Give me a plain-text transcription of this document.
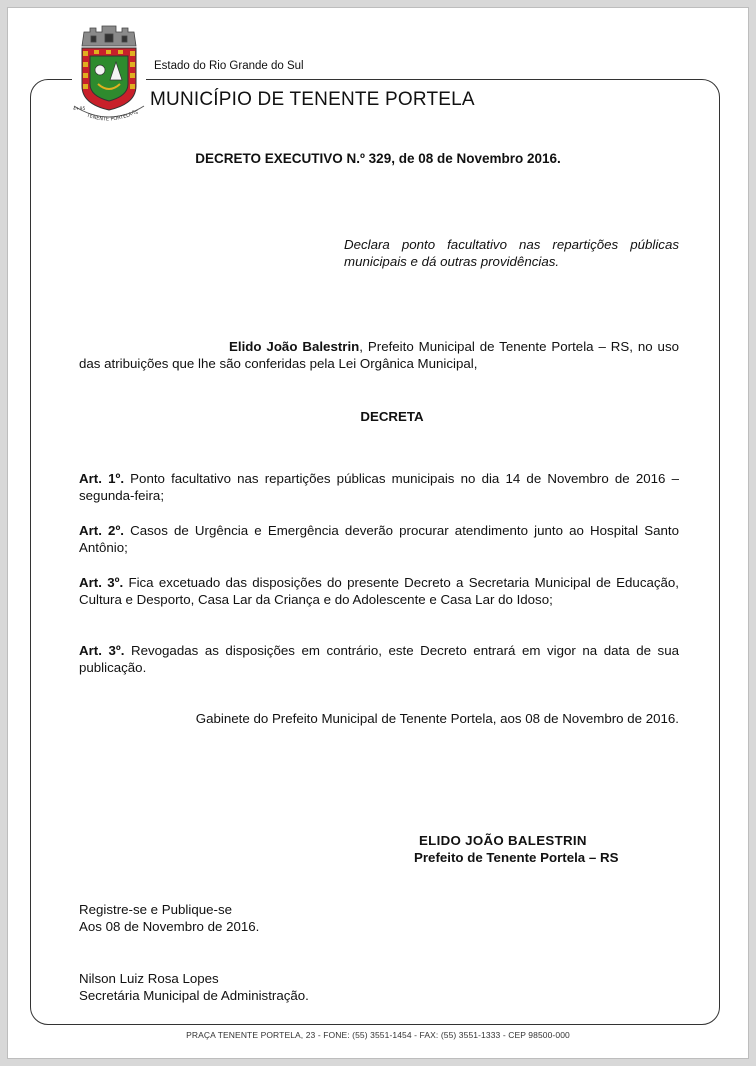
TENENTE PORTELA
RS
4+95
Estado do Rio Grande do Sul
MUNICÍPIO DE TENENTE PORTELA
DECRETO EXECUTIVO N.º 329, de 08 de Novembro 2016.
Declara ponto facultativo nas repartições públicas municipais e dá outras providências.
Elido João Balestrin, Prefeito Municipal de Tenente Portela – RS, no uso das atribuições que lhe são conferidas pela Lei Orgânica Municipal,
DECRETA
Art. 1º. Ponto facultativo nas repartições públicas municipais no dia 14 de Novembro de 2016 – segunda-feira;
Art. 2º. Casos de Urgência e Emergência deverão procurar atendimento junto ao Hospital Santo Antônio;
Art. 3º. Fica excetuado das disposições do presente Decreto a Secretaria Municipal de Educação, Cultura e Desporto, Casa Lar da Criança e do Adolescente e Casa Lar do Idoso;
Art. 3º. Revogadas as disposições em contrário, este Decreto entrará em vigor na data de sua publicação.
Gabinete do Prefeito Municipal de Tenente Portela, aos 08 de Novembro de 2016.
ELIDO JOÃO BALESTRIN
Prefeito de Tenente Portela – RS
Registre-se e Publique-se
Aos 08 de Novembro de 2016.
Nilson Luiz Rosa Lopes
Secretária Municipal de Administração.
PRAÇA TENENTE PORTELA, 23 - FONE: (55) 3551-1454 - FAX: (55) 3551-1333 - CEP 98500-000
